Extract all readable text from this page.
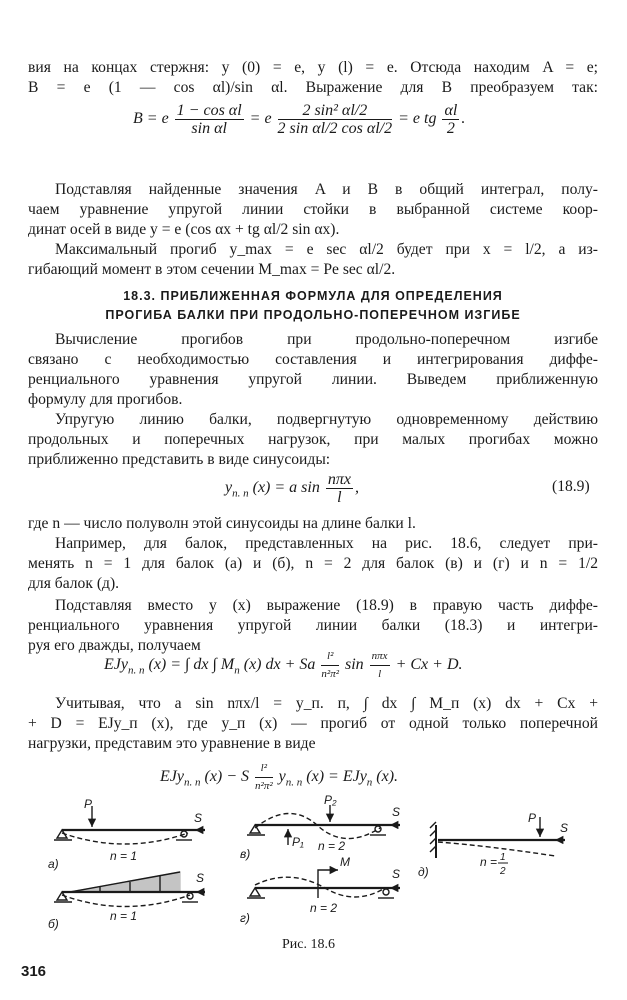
вия на концах стержня: y (0) = e, y (l) = e. Отсюда находим A = e;
B = e (1 — cos αl)/sin αl. Выражение для B преобразуем так:
B = e $\frac{\text{1 − cos αl}}{\text{sin αl}} = e \frac{\text{2 sin² αl/2}}{\text{2 sin αl/2 cos αl/2}} = e$ tg $\frac{\alpha l}{2}$ .
Подставляя найденные значения A и B в общий интеграл, полу-
чаем уравнение упругой линии стойки в выбранной системе коор-
динат осей в виде y = e (cos αx + tg αl/2 sin αx).
Максимальный прогиб y_max = e sec αl/2 будет при x = l/2, а из-
гибающий момент в этом сечении M_max = Pe sec αl/2.
18.3. ПРИБЛИЖЕННАЯ ФОРМУЛА ДЛЯ ОПРЕДЕЛЕНИЯ
ПРОГИБА БАЛКИ ПРИ ПРОДОЛЬНО-ПОПЕРЕЧНОМ ИЗГИБЕ
Вычисление прогибов при продольно-поперечном изгибе
связано с необходимостью составления и интегрирования диффе-
ренциального уравнения упругой линии. Выведем приближенную
формулу для прогибов.
Упругую линию балки, подвергнутую одновременному действию
продольных и поперечных нагрузок, при малых прогибах можно
приближенно представить в виде синусоиды:
$y_{п. п}$ (x) = a $\sin \frac{\text{nπx}}{l}$ ,	(18.9)
где n — число полуволн этой синусоиды на длине балки l.
Например, для балок, представленных на рис. 18.6, следует при-
менять n = 1 для балок (a) и (б), n = 2 для балок (в) и (г) и n = 1/2
для балок (д).
Подставляя вместо y (x) выражение (18.9) в правую часть диффе-
ренциального уравнения упругой линии балки (18.3) и интегри-
руя его дважды, получаем
EJy$_{п. п}$ (x) = ∫ dx ∫ $M_п$ (x) dx + Sa $\frac{\text{l²}}{\text{n²π²}}$ $\sin \frac{\text{nπx}}{l} + Cx + D$.
Учитывая, что a sin nπx/l = y_п. п, ∫ dx ∫ M_п (x) dx + Cx +
+ D = EJy_п (x), где y_п (x) — прогиб от одной только поперечной
нагрузки, представим это уравнение в виде
EJy$_{п. п}$ (x) − S $\frac{\text{l²}}{\text{n²π²}} y_{п. п}$ (x) = EJy$_п$ (x).
а)
P
S
n = 1
б)
S
n = 1
в)
P₂
P₁
S
n = 2
г)
M
S
n = 2
д)
P
S
n = 1
2
Рис. 18.6
316
